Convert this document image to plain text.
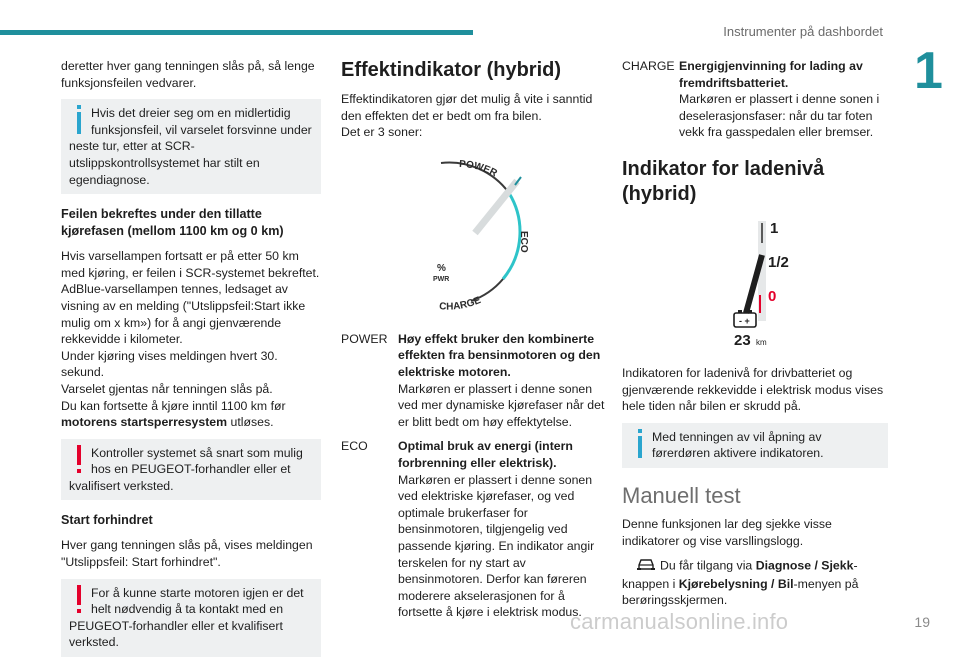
Instrumenter på dashbordet
1

deretter hver gang tenningen slås på, så lenge funksjonsfeilen vedvarer.

Hvis det dreier seg om en midlertidig funksjonsfeil, vil varselet forsvinne under neste tur, etter at SCR-utslippskontrollsystemet har stilt en egendiagnose.
Feilen bekreftes under den tillatte kjørefasen (mellom 1100 km og 0 km)

Hvis varsellampen fortsatt er på etter 50 km med kjøring, er feilen i SCR-systemet bekreftet.
AdBlue-varsellampen tennes, ledsaget av visning av en melding ("Utslippsfeil:Start ikke mulig om x km») for å angi gjenværende rekkevidde i kilometer.
Under kjøring vises meldingen hvert 30. sekund.
Varselet gjentas når tenningen slås på.
Du kan fortsette å kjøre inntil 1100 km før motorens startsperresystem utløses.

Kontroller systemet så snart som mulig hos en PEUGEOT-forhandler eller et kvalifisert verksted.
Start forhindret

Hver gang tenningen slås på, vises meldingen "Utslippsfeil: Start forhindret".

For å kunne starte motoren igjen er det helt nødvendig å ta kontakt med en PEUGEOT-forhandler eller et kvalifisert verksted.
Effektindikator (hybrid)

Effektindikatoren gjør det mulig å vite i sanntid den effekten det er bedt om fra bilen.
Det er 3 soner:

POWER
ECO
CHARGE
%
PWR
POWER Høy effekt bruker den kombinerte effekten fra bensinmotoren og den elektriske motoren.
Markøren er plassert i denne sonen ved mer dynamiske kjørefaser når det er blitt bedt om høy effektytelse.
ECO	Optimal bruk av energi (intern forbrenning eller elektrisk).
Markøren er plassert i denne sonen ved elektriske kjørefaser, og ved optimale brukerfaser for bensinmotoren, tilgjengelig ved passende kjøring. En indikator angir terskelen for ny start av bensinmotoren. Derfor kan føreren moderere akselerasjonen for å fortsette å kjøre i elektrisk modus.
CHARGE Energigjenvinning for lading av fremdriftsbatteriet.
Markøren er plassert i denne sonen i deselerasjonsfaser: når du tar foten vekk fra gasspedalen eller bremser.
Indikator for ladenivå (hybrid)
1
1/2
0
- +
23 km

Indikatoren for ladenivå for drivbatteriet og gjenværende rekkevidde i elektrisk modus vises hele tiden når bilen er skrudd på.

Med tenningen av vil åpning av førerdøren aktivere indikatoren.
Manuell test

Denne funksjonen lar deg sjekke visse indikatorer og vise varsllingslogg.

Du får tilgang via Diagnose / Sjekk-knappen i Kjørebelysning / Bil-menyen på berøringsskjermen.

carmanualsonline.info	19
